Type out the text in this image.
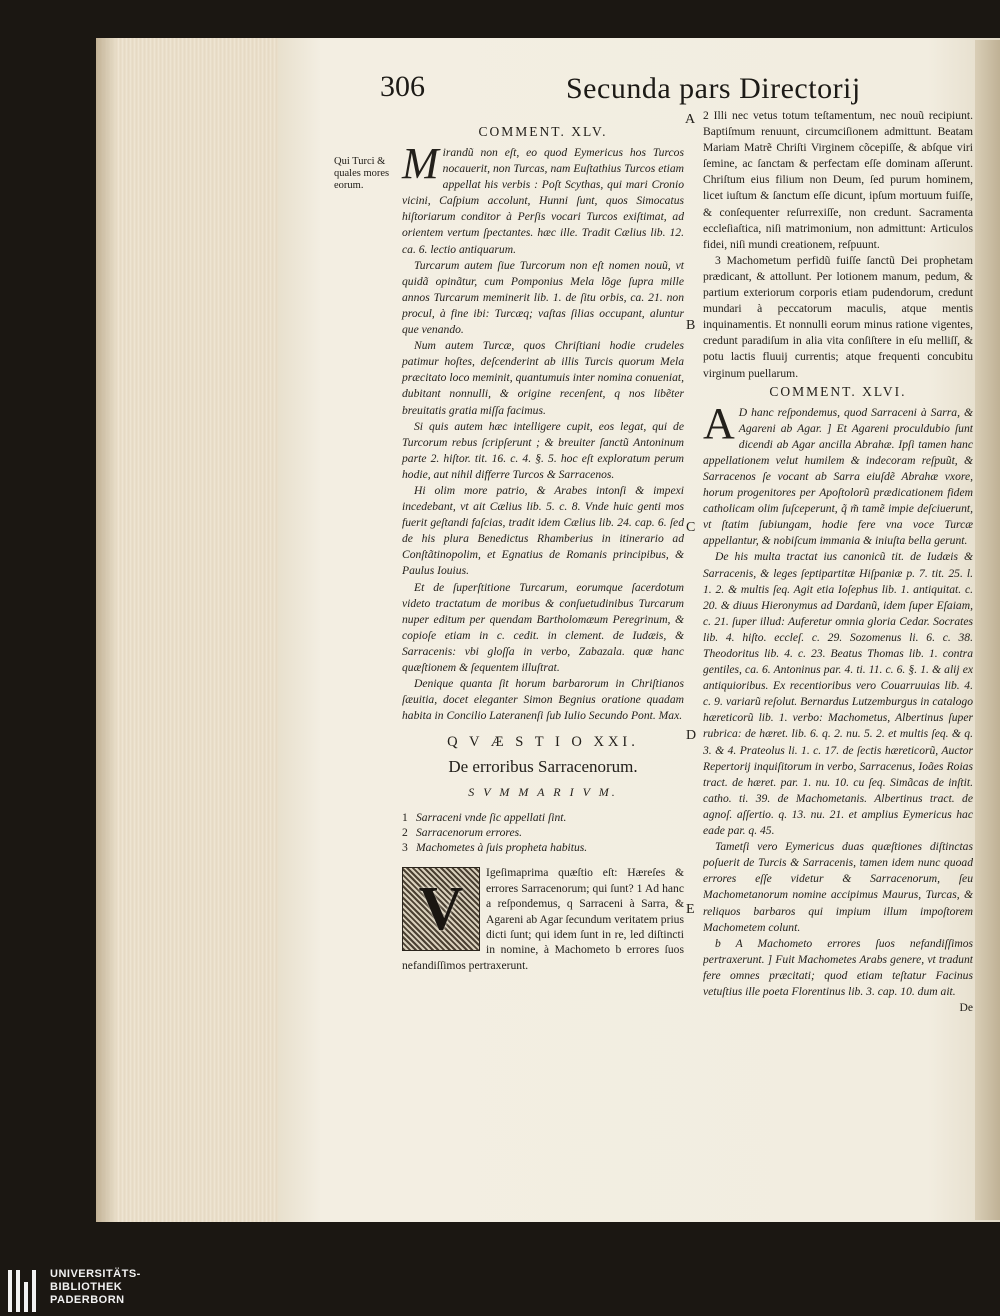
306	Secunda pars Directorij
Qui Turci & quales mores eorum.
A
B
C
D
E
COMMENT. XLV.

Mirandũ non eſt, eo quod Eymericus hos Turcos nocauerit, non Turcas, nam Euſtathius Turcos etiam appellat his verbis : Poſt Scythas, qui mari Cronio vicini, Caſpium accolunt, Hunni ſunt, quos Simocatus hiſtoriarum conditor à Perſis vocari Turcos exiſtimat, ad orientem vertum ſpectantes. hæc ille. Tradit Cælius lib. 12. ca. 6. lectio antiquarum.

Turcarum autem ſiue Turcorum non eſt nomen nouũ, vt quidã opinãtur, cum Pomponius Mela lõge ſupra mille annos Turcarum meminerit lib. 1. de ſitu orbis, ca. 21. non procul, à fine ibi: Turcæq; vaſtas ſilias occupant, aluntur que venando.

Num autem Turcæ, quos Chriſtiani hodie crudeles patimur hoſtes, deſcenderint ab illis Turcis quorum Mela præcitato loco meminit, quantumuis inter nomina conueniat, dubitant nonnulli, & origine recenſent, q nos libẽter breuitatis gratia miſſa facimus.

Si quis autem hæc intelligere cupit, eos legat, qui de Turcorum rebus ſcripſerunt ; & breuiter ſanctũ Antoninum parte 2. hiſtor. tit. 16. c. 4. §. 5. hoc eſt exploratum perum hodie, aut nihil differre Turcos & Sarracenos.

Hi olim more patrio, & Arabes intonſi & impexi incedebant, vt ait Cælius lib. 5. c. 8. Vnde huic genti mos fuerit geſtandi faſcias, tradit idem Cælius lib. 24. cap. 6. ſed de his plura Benedictus Rhamberius in itinerario ad Conſtãtinopolim, et Egnatius de Romanis principibus, & Paulus Iouius.

Et de ſuperſtitione Turcarum, eorumque ſacerdotum videto tractatum de moribus & conſuetudinibus Turcarum nuper editum per quendam Bartholomæum Peregrinum, & copioſe etiam in c. cedit. in clement. de Iudæis, & Sarracenis: vbi gloſſa in verbo, Zabazala. quæ hanc quæſtionem & ſequentem illuſtrat.

Denique quanta ſit horum barbarorum in Chriſtianos ſæuitia, docet eleganter Simon Begnius oratione quadam habita in Concilio Lateranenſi ſub Iulio Secundo Pont. Max.

Q V Æ S T I O XXI.
De erroribus Sarracenorum.
S V M M A R I V M.

1 Sarraceni vnde ſic appellati ſint.

2 Sarracenorum errores.

3 Machometes à ſuis propheta habitus.

V

Igeſimaprima quæſtio eſt: Hæreſes & errores Sarracenorum; qui ſunt? 1 Ad hanc a reſpondemus, q Sarraceni à Sarra, & Agareni ab Agar ſecundum veritatem prius dicti ſunt; qui idem ſunt in re, led diſtincti in nomine, à Machometo b errores ſuos nefandiſſimos pertraxerunt.

2 Illi nec vetus totum teſtamentum, nec nouũ recipiunt. Baptiſmum renuunt, circumciſionem admittunt. Beatam Mariam Matrẽ Chriſti Virginem cõcepiſſe, & abſque viri ſemine, ac ſanctam & perfectam eſſe dominam aſſerunt. Chriſtum eius filium non Deum, ſed purum hominem, licet iuſtum & ſanctum eſſe dicunt, ipſum mortuum fuiſſe, & conſequenter reſurrexiſſe, non credunt. Sacramenta eccleſiaſtica, niſi matrimonium, non admittunt: Articulos fidei, niſi mundi creationem, reſpuunt.

3 Machometum perfidũ fuiſſe ſanctũ Dei prophetam prædicant, & attollunt. Per lotionem manum, pedum, & partium exteriorum corporis etiam pudendorum, credunt mundari à peccatorum maculis, atque mentis inquinamentis. Et nonnulli eorum minus ratione vigentes, credunt paradiſum in alia vita conſiſtere in eſu melliſſ, & potu lactis fluuij currentis; atque frequenti concubitu virginum puellarum.

COMMENT. XLVI.

A D hanc reſpondemus, quod Sarraceni à Sarra, & Agareni ab Agar. ] Et Agareni proculdubio ſunt dicendi ab Agar ancilla Abrahæ. Ipſi tamen hanc appellationem velut humilem & indecoram reſpuũt, & Sarracenos ſe vocant ab Sarra eiuſdẽ Abrahæ vxore, horum progenitores per Apoſtolorũ prædicationem fidem catholicam olim ſuſceperunt, q̃ m̃ tamẽ impie deſciuerunt, vt ſtatim ſubiungam, hodie fere vna voce Turcæ appellantur, & nobiſcum immania & iniuſta bella gerunt.

De his multa tractat ius canonicũ tit. de Iudæis & Sarracenis, & leges ſeptipartitæ Hiſpaniæ p. 7. tit. 25. l. 1. 2. & multis ſeq. Agit etia Ioſephus lib. 1. antiquitat. c. 20. & diuus Hieronymus ad Dardanũ, idem ſuper Eſaiam, c. 21. ſuper illud: Auferetur omnia gloria Cedar. Socrates lib. 4. hiſto. eccleſ. c. 29. Sozomenus li. 6. c. 38. Theodoritus lib. 4. c. 23. Beatus Thomas lib. 1. contra gentiles, ca. 6. Antoninus par. 4. ti. 11. c. 6. §. 1. & alij ex antiquioribus. Ex recentioribus vero Couarruuias lib. 4. c. 9. variarũ reſolut. Bernardus Lutzemburgus in catalogo hæreticorũ lib. 1. verbo: Machometus, Albertinus ſuper rubrica: de hæret. lib. 6. q. 2. nu. 5. 2. et multis ſeq. & q. 3. & 4. Prateolus li. 1. c. 17. de ſectis hæreticorũ, Auctor Repertorij inquiſitorum in verbo, Sarracenus, Ioães Roias tract. de hæret. par. 1. nu. 10. cu ſeq. Simãcas de inſtit. catho. ti. 39. de Machometanis. Albertinus tract. de agnoſ. aſſertio. q. 13. nu. 21. et amplius Eymericus hac eade par. q. 45.

Tametſi vero Eymericus duas quæſtiones diſtinctas poſuerit de Turcis & Sarracenis, tamen idem nunc quoad errores eſſe videtur & Sarracenorum, ſeu Machometanorum nomine accipimus Maurus, Turcas, & reliquos barbaros qui impium illum impoſtorem Machometem colunt.

b A Machometo errores ſuos nefandiſſimos pertraxerunt. ] Fuit Machometes Arabs genere, vt tradunt fere omnes præcitati; quod etiam teſtatur Facinus vetuſtius ille poeta Florentinus lib. 3. cap. 10. dum ait.

De

UNIVERSITÄTS-
BIBLIOTHEK
PADERBORN
